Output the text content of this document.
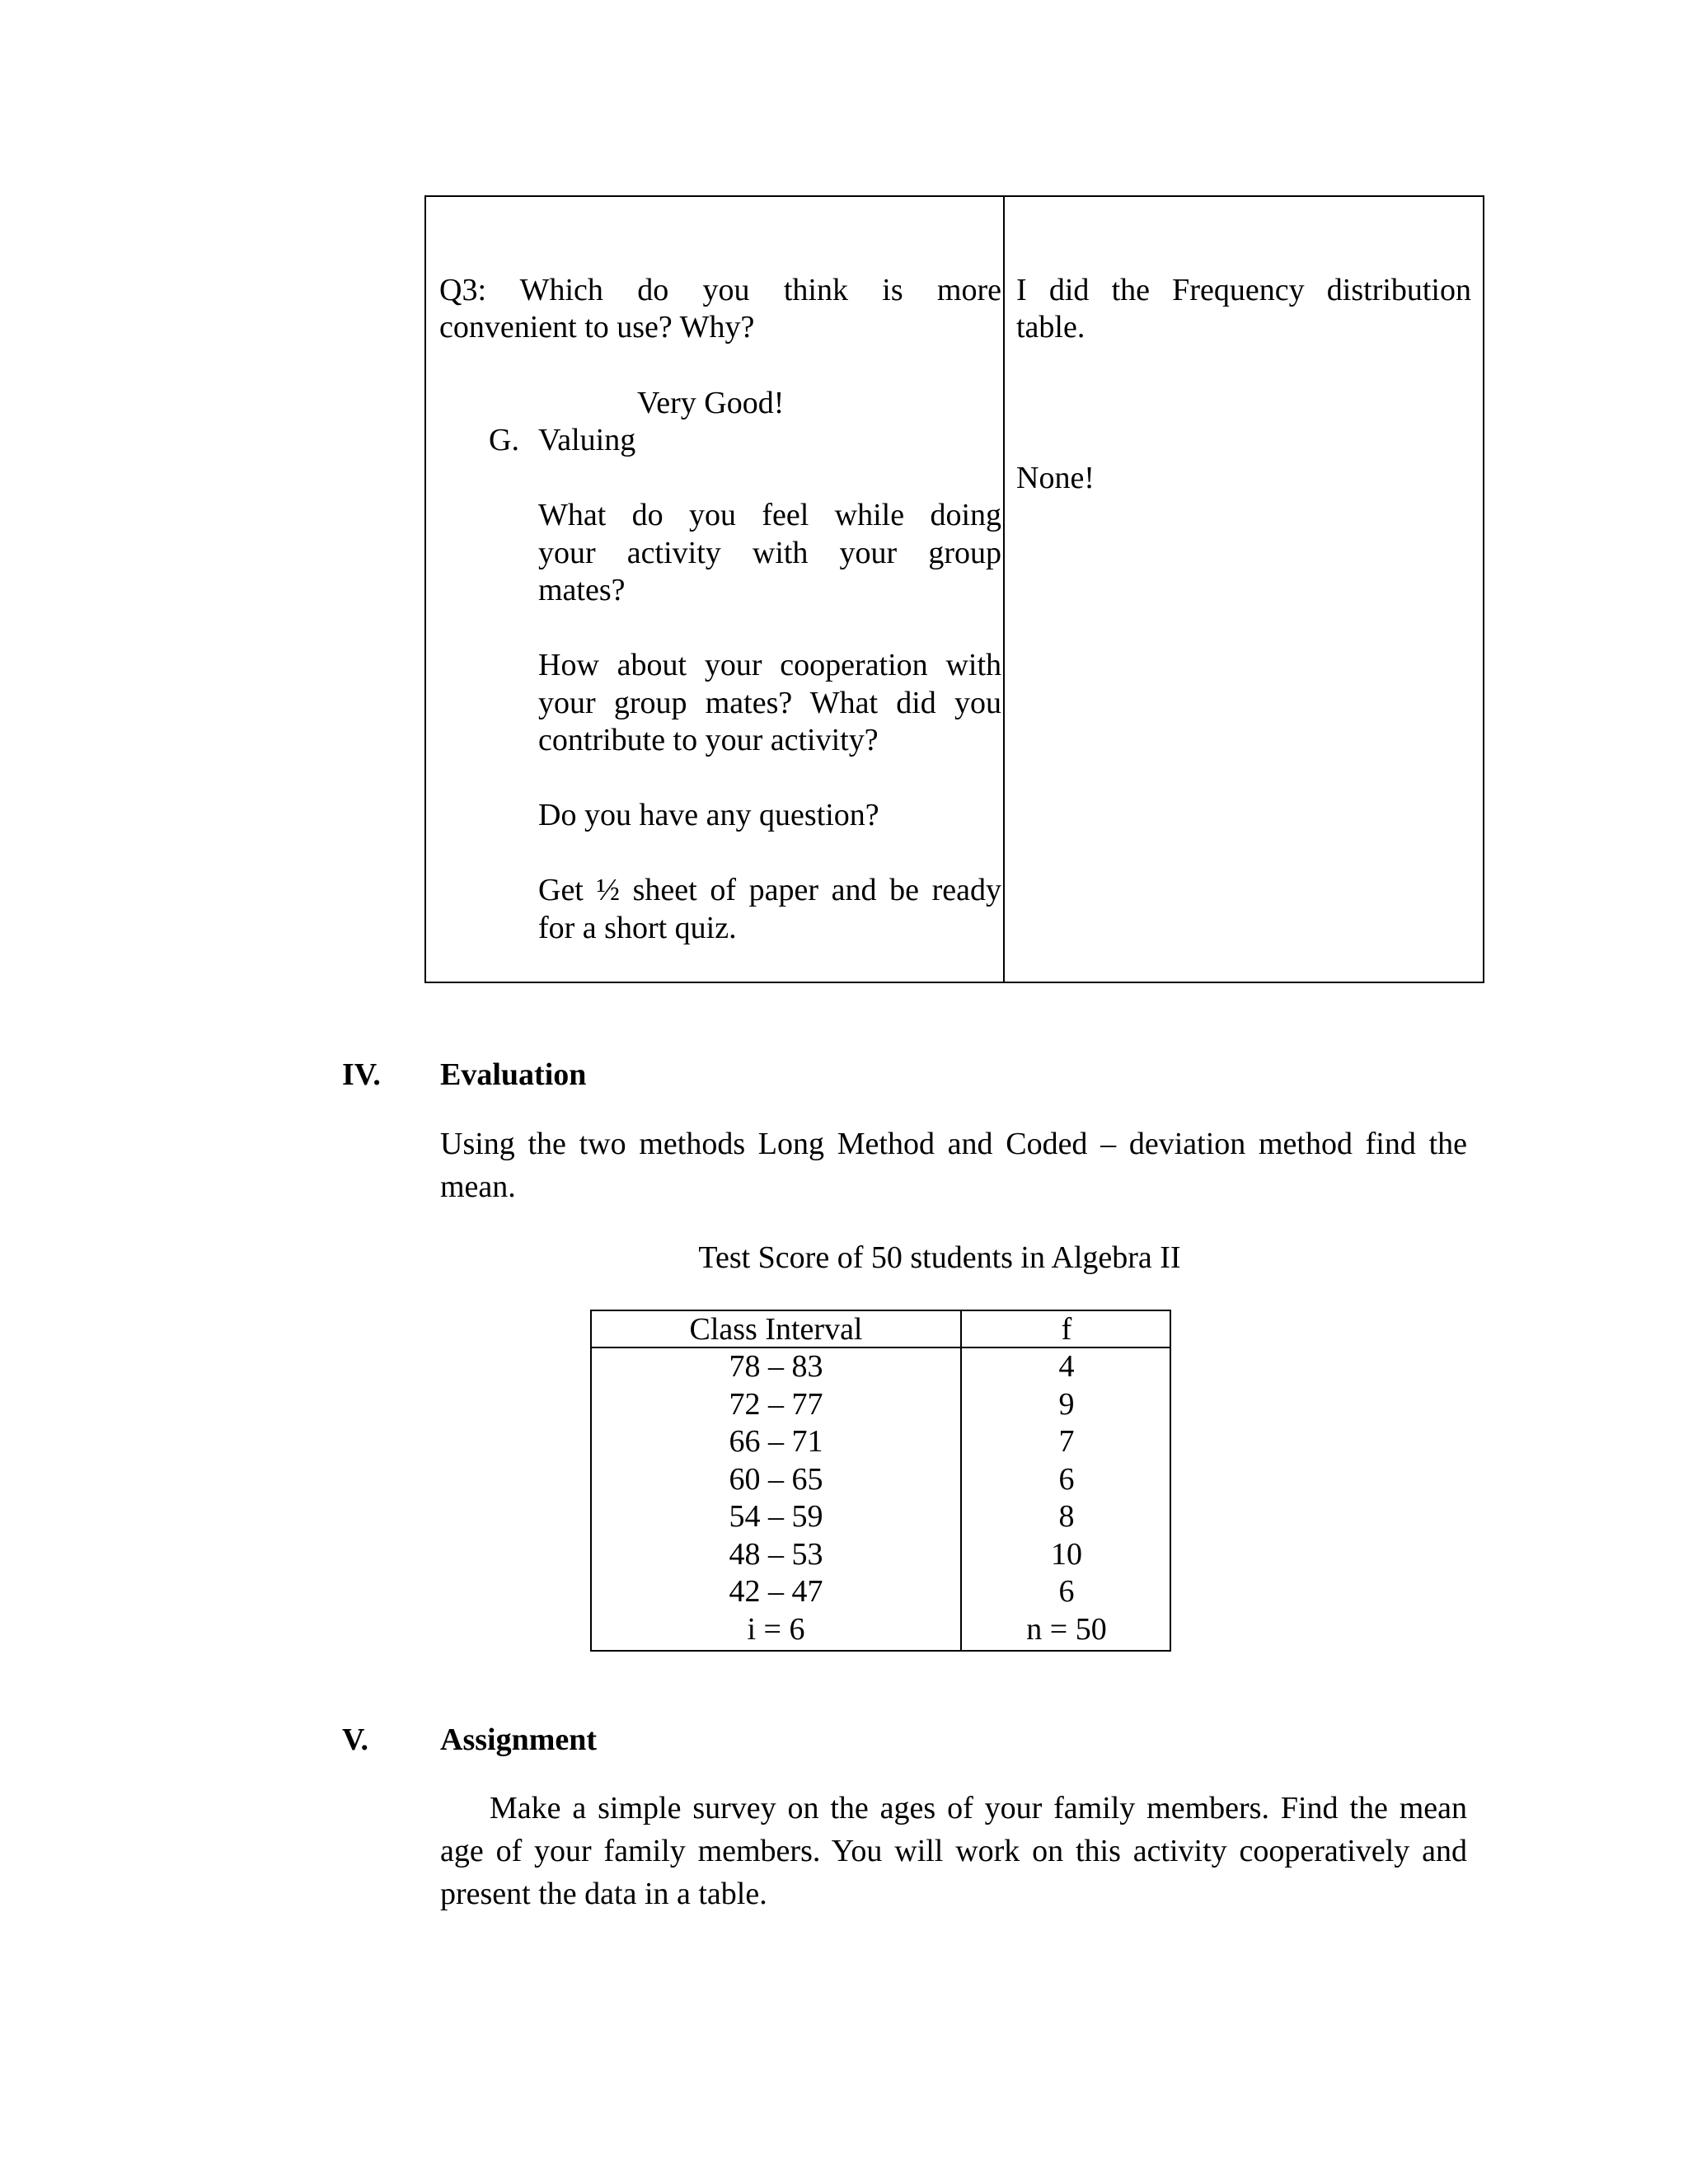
Q3: Which do you think is more
convenient to use? Why?
Very Good!
G. Valuing
What do you feel while doing
your activity with your group
mates?
How about your cooperation with
your group mates? What did you
contribute to your activity?
Do you have any question?
Get ½ sheet of paper and be ready
for a short quiz.
I did the Frequency distribution
table.
None!
IV. Evaluation
Using the two methods Long Method and Coded – deviation method find the
mean.
Test Score of 50 students in Algebra II
Class Interval
78 – 83
72 – 77
66 – 71
60 – 65
54 – 59
48 – 53
42 – 47
i = 6
f
4
9
7
6
8
10
6
n = 50
V. Assignment
Make a simple survey on the ages of your family members. Find the mean
age of your family members. You will work on this activity cooperatively and
present the data in a table.
